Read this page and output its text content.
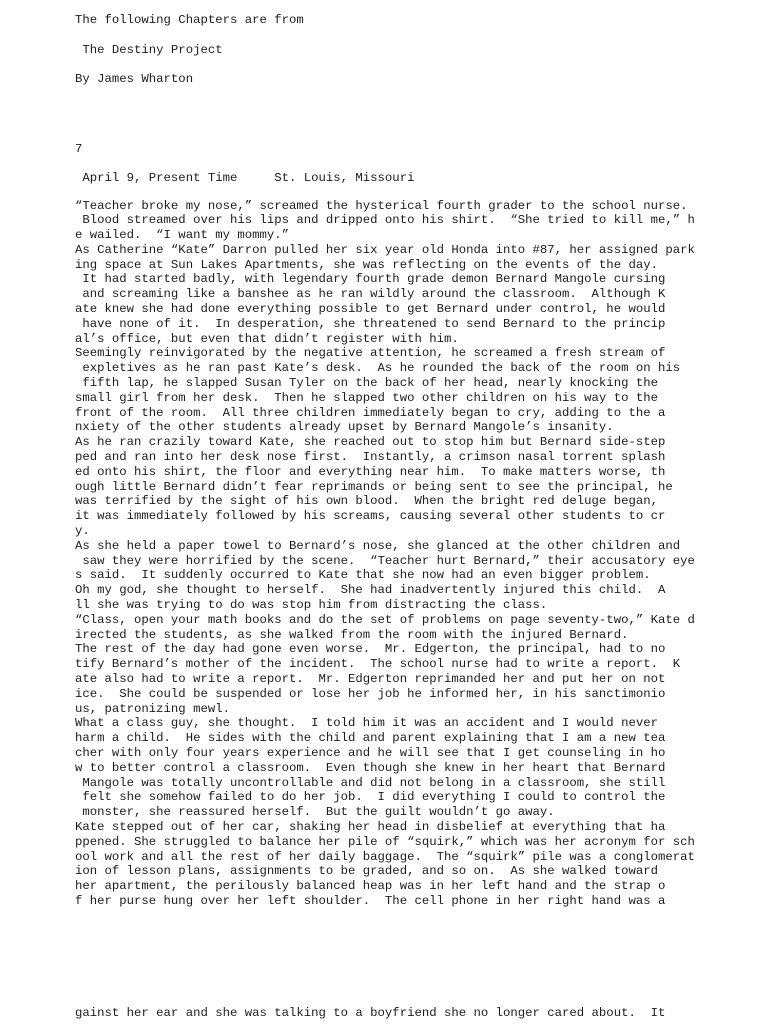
The following Chapters are from
The Destiny Project
By James Wharton
7
April 9, Present Time     St. Louis, Missouri
“Teacher broke my nose,” screamed the hysterical fourth grader to the school nurse.
Blood streamed over his lips and dripped onto his shirt.  “She tried to kill me,” h
e wailed.  “I want my mommy.”
As Catherine “Kate” Darron pulled her six year old Honda into #87, her assigned park
ing space at Sun Lakes Apartments, she was reflecting on the events of the day.
It had started badly, with legendary fourth grade demon Bernard Mangole cursing
and screaming like a banshee as he ran wildly around the classroom.  Although K
ate knew she had done everything possible to get Bernard under control, he would
have none of it.  In desperation, she threatened to send Bernard to the princip
al’s office, but even that didn’t register with him.
Seemingly reinvigorated by the negative attention, he screamed a fresh stream of
expletives as he ran past Kate’s desk.  As he rounded the back of the room on his
fifth lap, he slapped Susan Tyler on the back of her head, nearly knocking the
small girl from her desk.  Then he slapped two other children on his way to the
front of the room.  All three children immediately began to cry, adding to the a
nxiety of the other students already upset by Bernard Mangole’s insanity.
As he ran crazily toward Kate, she reached out to stop him but Bernard side-step
ped and ran into her desk nose first.  Instantly, a crimson nasal torrent splash
ed onto his shirt, the floor and everything near him.  To make matters worse, th
ough little Bernard didn’t fear reprimands or being sent to see the principal, he
was terrified by the sight of his own blood.  When the bright red deluge began,
it was immediately followed by his screams, causing several other students to cr
y.
As she held a paper towel to Bernard’s nose, she glanced at the other children and
saw they were horrified by the scene.  “Teacher hurt Bernard,” their accusatory eye
s said.  It suddenly occurred to Kate that she now had an even bigger problem.
Oh my god, she thought to herself.  She had inadvertently injured this child.  A
ll she was trying to do was stop him from distracting the class.
“Class, open your math books and do the set of problems on page seventy-two,” Kate d
irected the students, as she walked from the room with the injured Bernard.
The rest of the day had gone even worse.  Mr. Edgerton, the principal, had to no
tify Bernard’s mother of the incident.  The school nurse had to write a report.  K
ate also had to write a report.  Mr. Edgerton reprimanded her and put her on not
ice.  She could be suspended or lose her job he informed her, in his sanctimonio
us, patronizing mewl.
What a class guy, she thought.  I told him it was an accident and I would never
harm a child.  He sides with the child and parent explaining that I am a new tea
cher with only four years experience and he will see that I get counseling in ho
w to better control a classroom.  Even though she knew in her heart that Bernard
Mangole was totally uncontrollable and did not belong in a classroom, she still
felt she somehow failed to do her job.  I did everything I could to control the
monster, she reassured herself.  But the guilt wouldn’t go away.
Kate stepped out of her car, shaking her head in disbelief at everything that ha
ppened. She struggled to balance her pile of “squirk,” which was her acronym for sch
ool work and all the rest of her daily baggage.  The “squirk” pile was a conglomerat
ion of lesson plans, assignments to be graded, and so on.  As she walked toward
her apartment, the perilously balanced heap was in her left hand and the strap o
f her purse hung over her left shoulder.  The cell phone in her right hand was a
gainst her ear and she was talking to a boyfriend she no longer cared about.  It
